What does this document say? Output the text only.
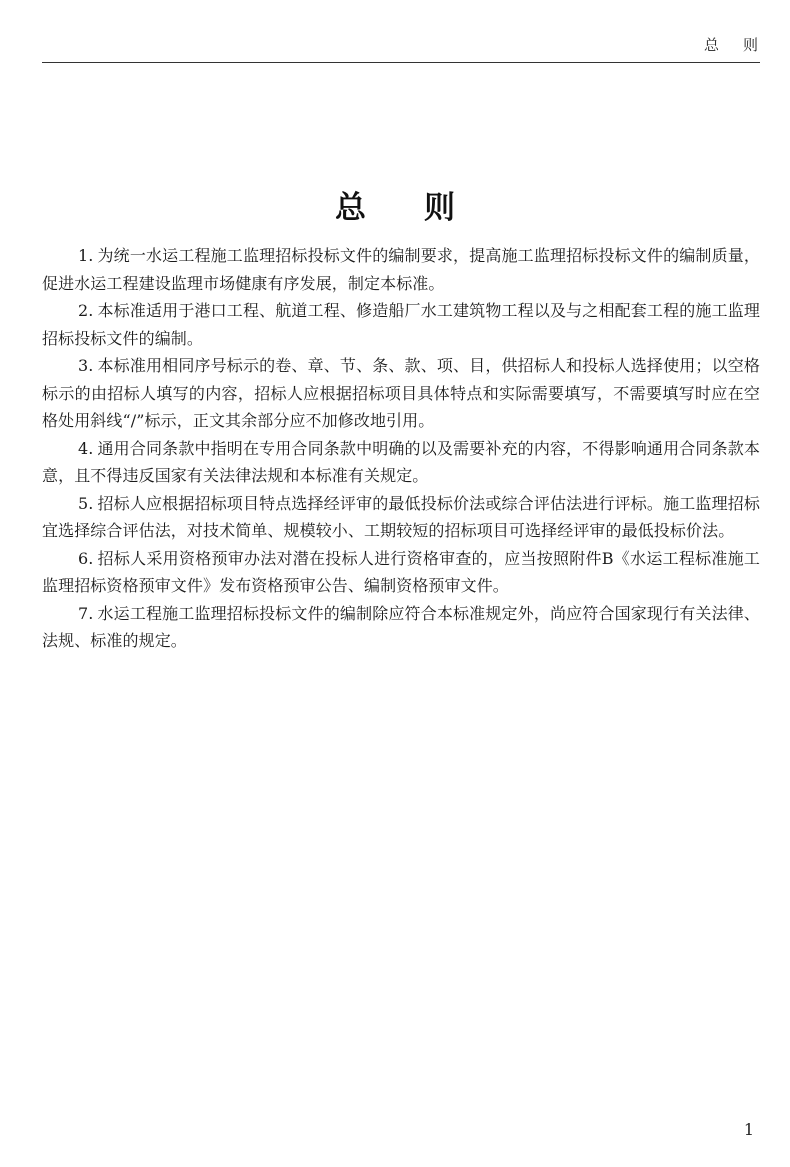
总则
总则

1. 为统一水运工程施工监理招标投标文件的编制要求，提高施工监理招标投标文件的编制质量，促进水运工程建设监理市场健康有序发展，制定本标准。

2. 本标准适用于港口工程、航道工程、修造船厂水工建筑物工程以及与之相配套工程的施工监理招标投标文件的编制。

3. 本标准用相同序号标示的卷、章、节、条、款、项、目，供招标人和投标人选择使用；以空格标示的由招标人填写的内容，招标人应根据招标项目具体特点和实际需要填写，不需要填写时应在空格处用斜线“/”标示，正文其余部分应不加修改地引用。

4. 通用合同条款中指明在专用合同条款中明确的以及需要补充的内容，不得影响通用合同条款本意，且不得违反国家有关法律法规和本标准有关规定。

5. 招标人应根据招标项目特点选择经评审的最低投标价法或综合评估法进行评标。施工监理招标宜选择综合评估法，对技术简单、规模较小、工期较短的招标项目可选择经评审的最低投标价法。

6. 招标人采用资格预审办法对潜在投标人进行资格审查的，应当按照附件B《水运工程标准施工监理招标资格预审文件》发布资格预审公告、编制资格预审文件。

7. 水运工程施工监理招标投标文件的编制除应符合本标准规定外，尚应符合国家现行有关法律、法规、标准的规定。

1
